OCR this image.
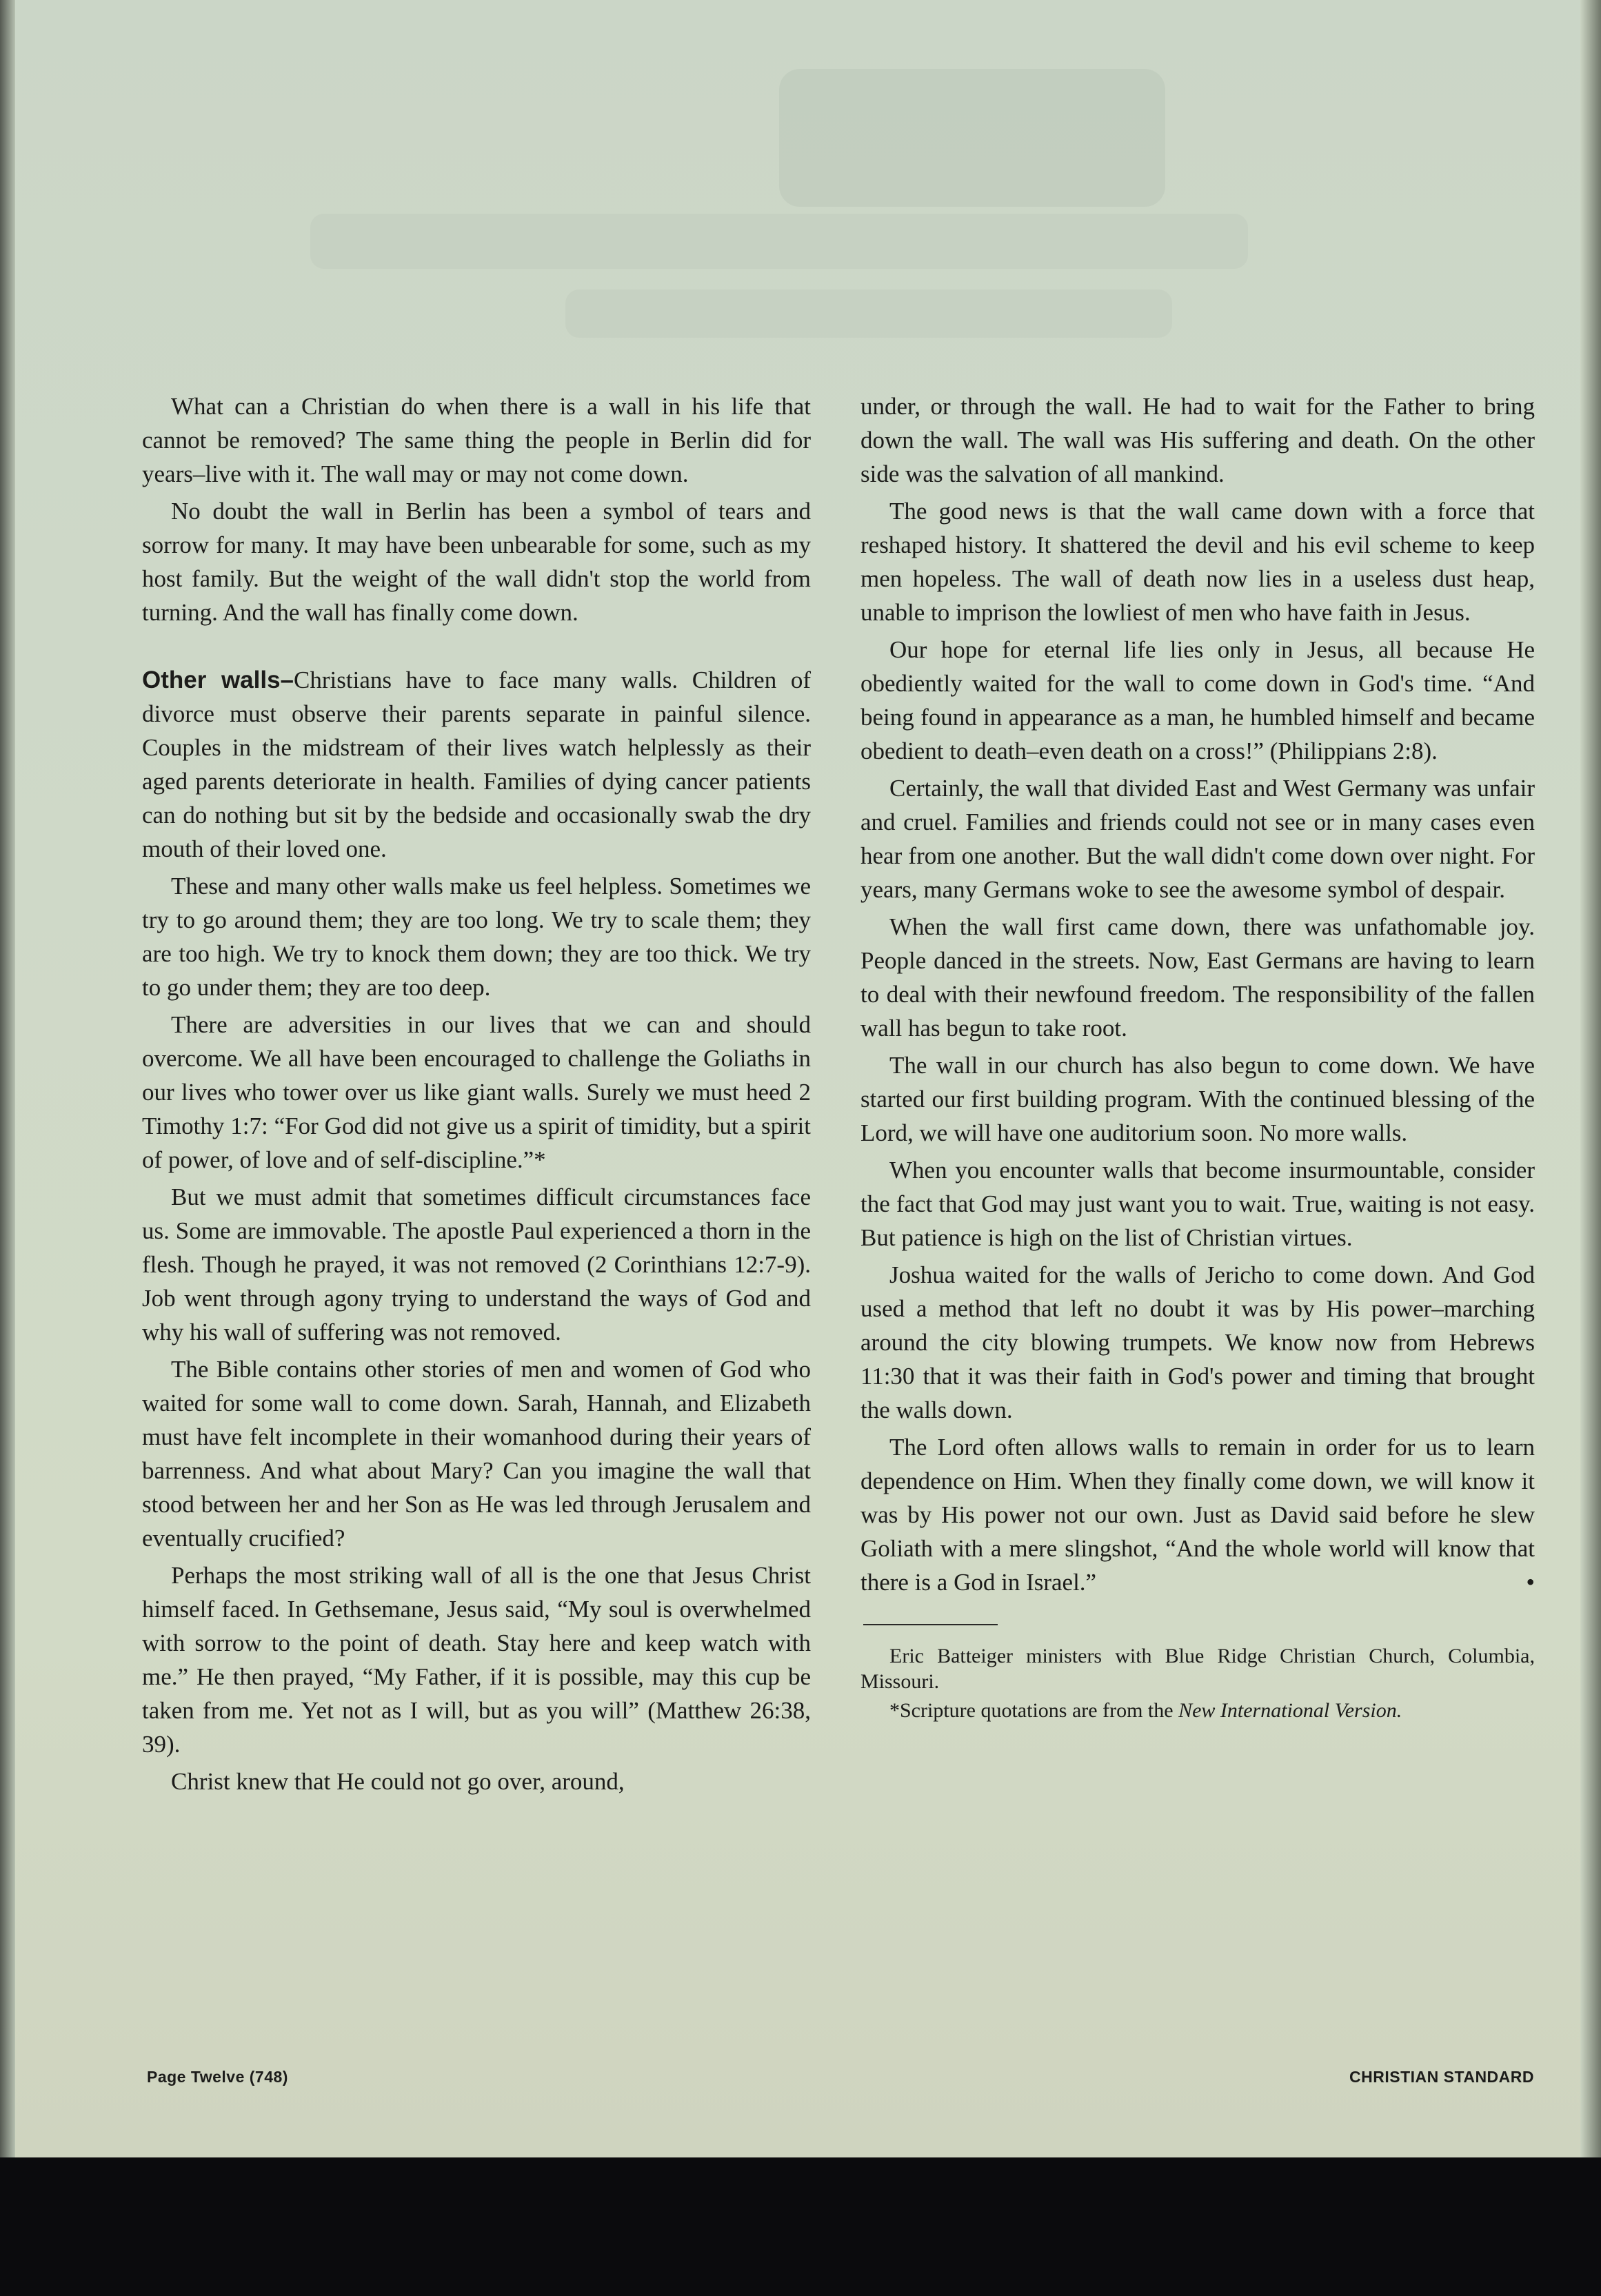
What can a Christian do when there is a wall in his life that cannot be removed? The same thing the people in Berlin did for years–live with it. The wall may or may not come down.

No doubt the wall in Berlin has been a symbol of tears and sorrow for many. It may have been unbearable for some, such as my host family. But the weight of the wall didn't stop the world from turning. And the wall has finally come down.

Other walls–Christians have to face many walls. Children of divorce must observe their parents separate in painful silence. Couples in the midstream of their lives watch helplessly as their aged parents deteriorate in health. Families of dying cancer patients can do nothing but sit by the bedside and occasionally swab the dry mouth of their loved one.

These and many other walls make us feel helpless. Sometimes we try to go around them; they are too long. We try to scale them; they are too high. We try to knock them down; they are too thick. We try to go under them; they are too deep.

There are adversities in our lives that we can and should overcome. We all have been encouraged to challenge the Goliaths in our lives who tower over us like giant walls. Surely we must heed 2 Timothy 1:7: “For God did not give us a spirit of timidity, but a spirit of power, of love and of self-discipline.”*

But we must admit that sometimes difficult circumstances face us. Some are immovable. The apostle Paul experienced a thorn in the flesh. Though he prayed, it was not removed (2 Corinthians 12:7-9). Job went through agony trying to understand the ways of God and why his wall of suffering was not removed.

The Bible contains other stories of men and women of God who waited for some wall to come down. Sarah, Hannah, and Elizabeth must have felt incomplete in their womanhood during their years of barrenness. And what about Mary? Can you imagine the wall that stood between her and her Son as He was led through Jerusalem and eventually crucified?

Perhaps the most striking wall of all is the one that Jesus Christ himself faced. In Gethsemane, Jesus said, “My soul is overwhelmed with sorrow to the point of death. Stay here and keep watch with me.” He then prayed, “My Father, if it is possible, may this cup be taken from me. Yet not as I will, but as you will” (Matthew 26:38, 39).

Christ knew that He could not go over, around,

under, or through the wall. He had to wait for the Father to bring down the wall. The wall was His suffering and death. On the other side was the salvation of all mankind.

The good news is that the wall came down with a force that reshaped history. It shattered the devil and his evil scheme to keep men hopeless. The wall of death now lies in a useless dust heap, unable to imprison the lowliest of men who have faith in Jesus.

Our hope for eternal life lies only in Jesus, all because He obediently waited for the wall to come down in God's time. “And being found in appearance as a man, he humbled himself and became obedient to death–even death on a cross!” (Philippians 2:8).

Certainly, the wall that divided East and West Germany was unfair and cruel. Families and friends could not see or in many cases even hear from one another. But the wall didn't come down over night. For years, many Germans woke to see the awesome symbol of despair.

When the wall first came down, there was unfathomable joy. People danced in the streets. Now, East Germans are having to learn to deal with their newfound freedom. The responsibility of the fallen wall has begun to take root.

The wall in our church has also begun to come down. We have started our first building program. With the continued blessing of the Lord, we will have one auditorium soon. No more walls.

When you encounter walls that become insurmountable, consider the fact that God may just want you to wait. True, waiting is not easy. But patience is high on the list of Christian virtues.

Joshua waited for the walls of Jericho to come down. And God used a method that left no doubt it was by His power–marching around the city blowing trumpets. We know now from Hebrews 11:30 that it was their faith in God's power and timing that brought the walls down.

The Lord often allows walls to remain in order for us to learn dependence on Him. When they finally come down, we will know it was by His power not our own. Just as David said before he slew Goliath with a mere slingshot, “And the whole world will know that there is a God in Israel.”	•

Eric Batteiger ministers with Blue Ridge Christian Church, Columbia, Missouri.

*Scripture quotations are from the New International Version.

Page Twelve (748)	CHRISTIAN STANDARD
